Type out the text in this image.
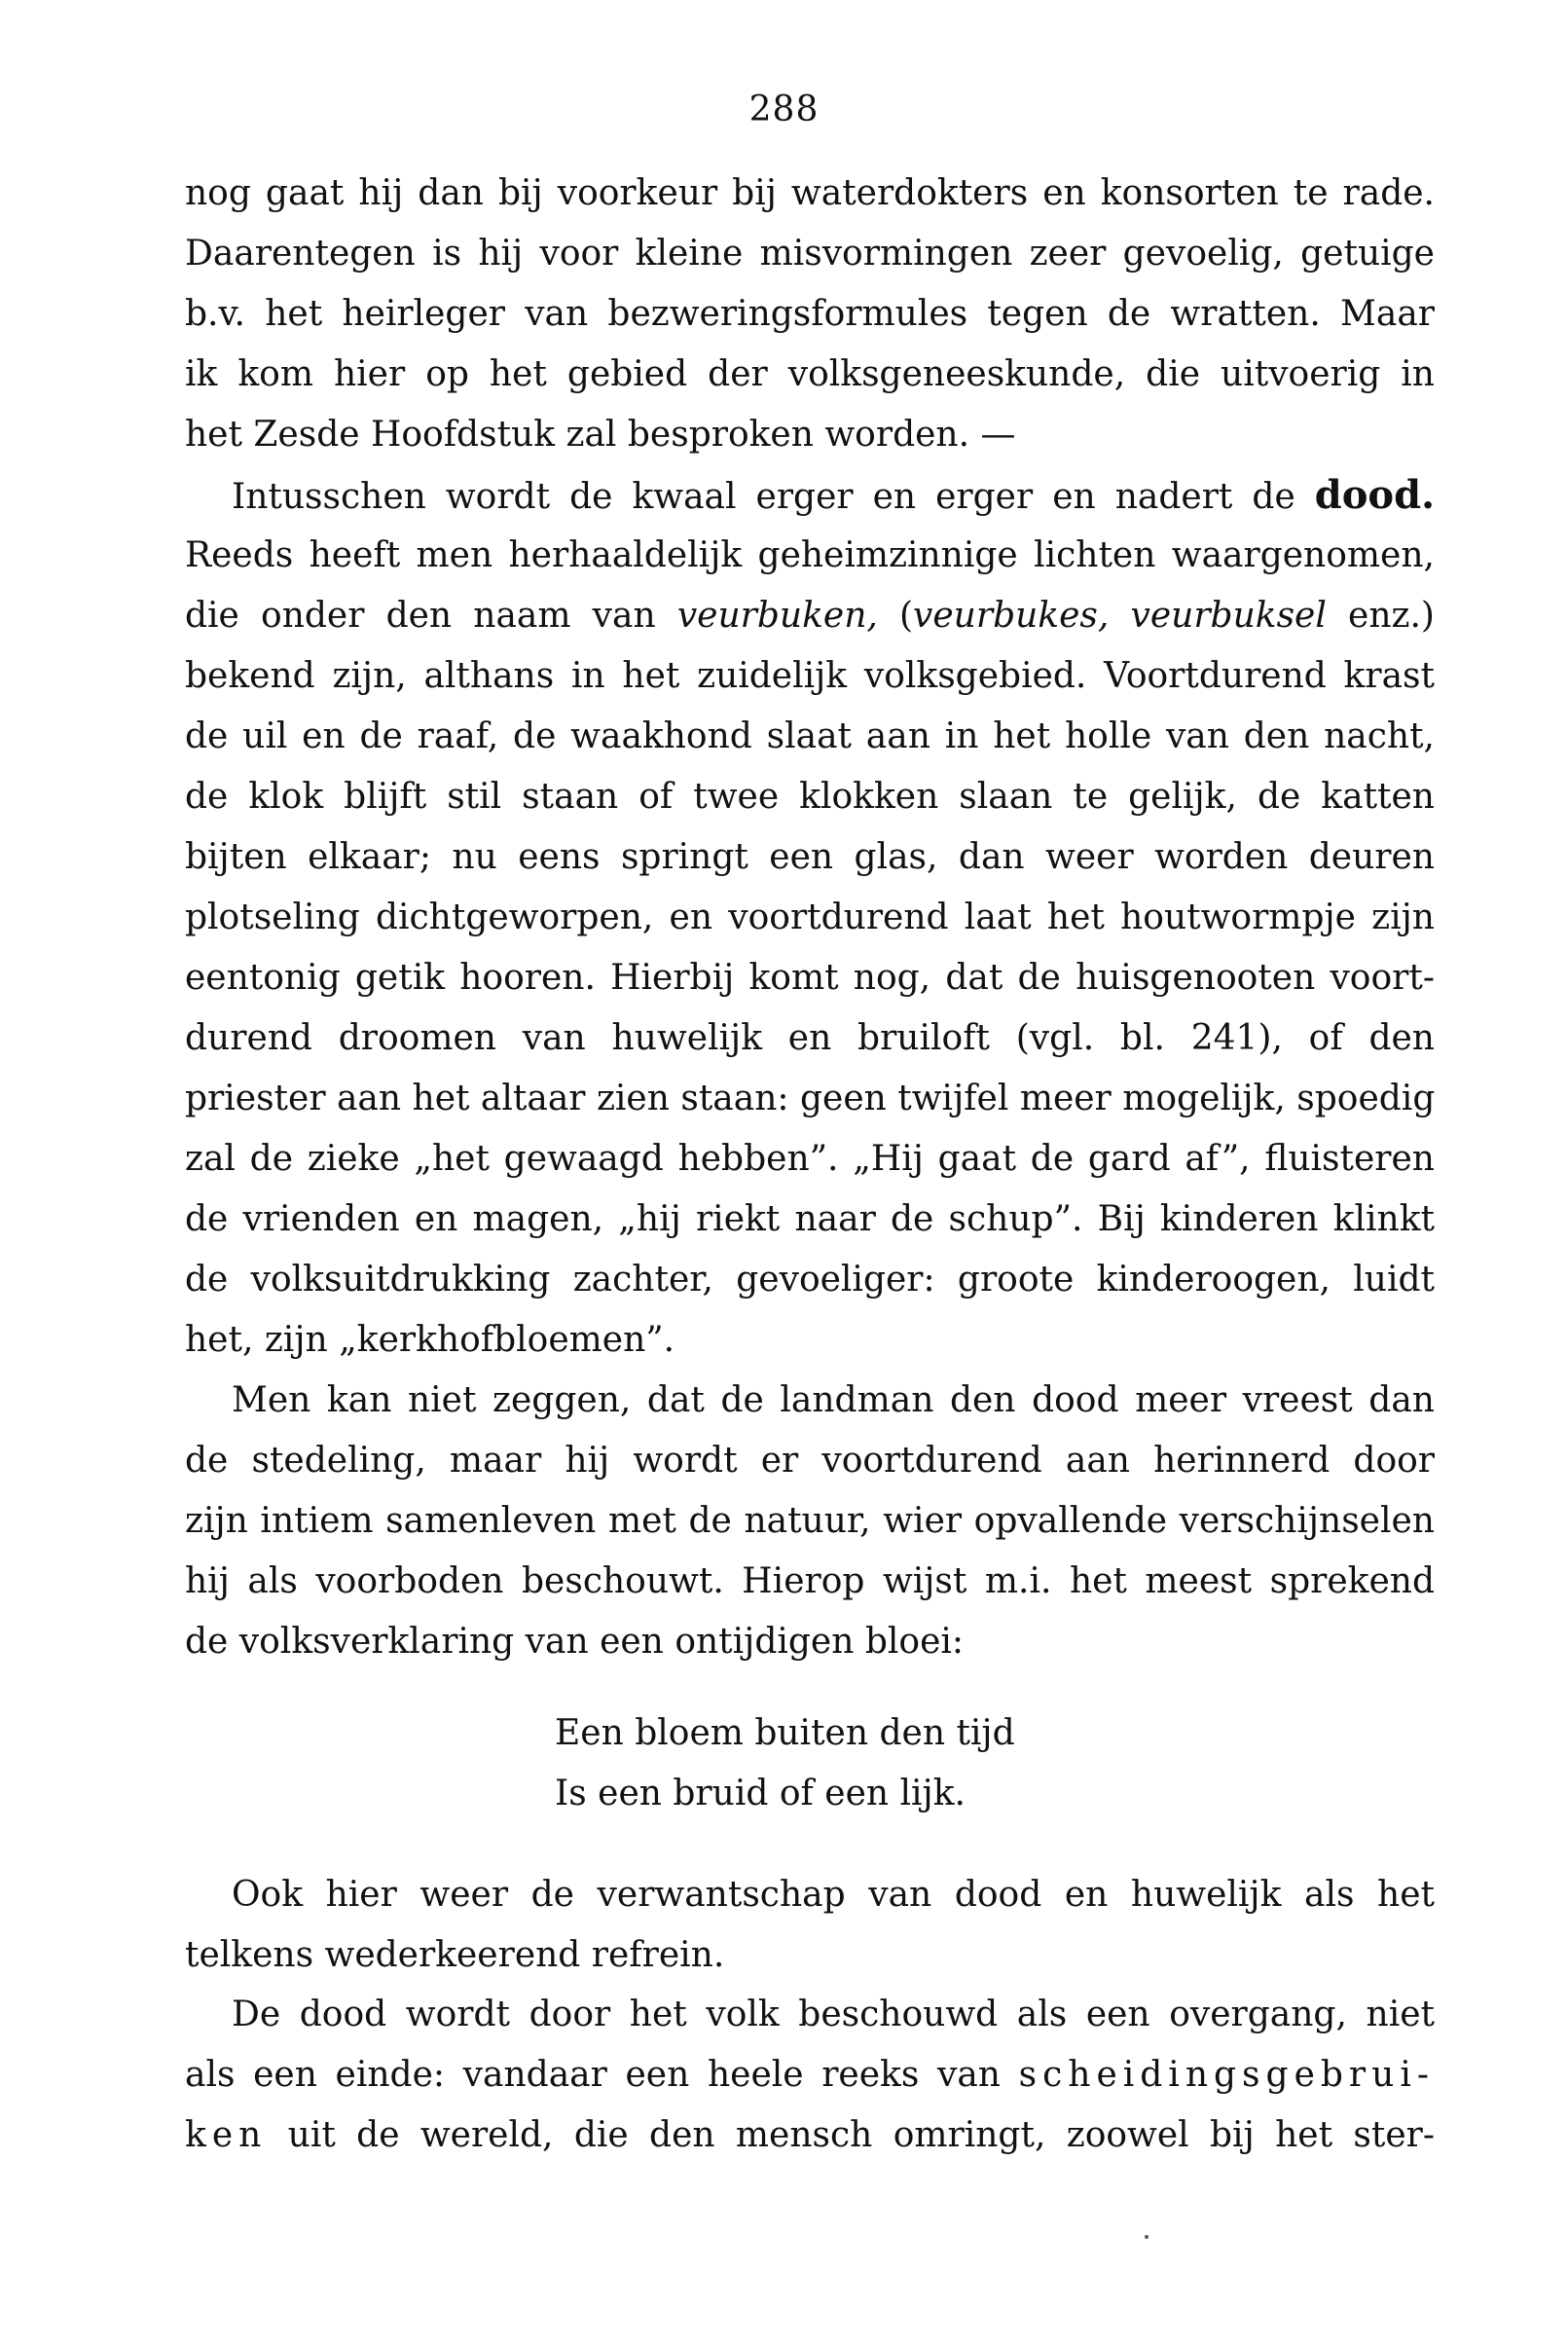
288
nog gaat hij dan bij voorkeur bij waterdokters en konsorten te rade.
Daarentegen is hij voor kleine misvormingen zeer gevoelig, getuige
b.v. het heirleger van bezweringsformules tegen de wratten. Maar
ik kom hier op het gebied der volksgeneeskunde, die uitvoerig in
het Zesde Hoofdstuk zal besproken worden. —
Intusschen wordt de kwaal erger en erger en nadert de dood.
Reeds heeft men herhaaldelijk geheimzinnige lichten waargenomen,
die onder den naam van veurbuken, (veurbukes, veurbuksel enz.)
bekend zijn, althans in het zuidelijk volksgebied. Voortdurend krast
de uil en de raaf, de waakhond slaat aan in het holle van den nacht,
de klok blijft stil staan of twee klokken slaan te gelijk, de katten
bijten elkaar; nu eens springt een glas, dan weer worden deuren
plotseling dichtgeworpen, en voortdurend laat het houtwormpje zijn
eentonig getik hooren. Hierbij komt nog, dat de huisgenooten voort-
durend droomen van huwelijk en bruiloft (vgl. bl. 241), of den
priester aan het altaar zien staan: geen twijfel meer mogelijk, spoedig
zal de zieke „het gewaagd hebben”. „Hij gaat de gard af”, fluisteren
de vrienden en magen, „hij riekt naar de schup”. Bij kinderen klinkt
de volksuitdrukking zachter, gevoeliger: groote kinderoogen, luidt
het, zijn „kerkhofbloemen”.
Men kan niet zeggen, dat de landman den dood meer vreest dan
de stedeling, maar hij wordt er voortdurend aan herinnerd door
zijn intiem samenleven met de natuur, wier opvallende verschijnselen
hij als voorboden beschouwt. Hierop wijst m.i. het meest sprekend
de volksverklaring van een ontijdigen bloei:
Een bloem buiten den tijd
Is een bruid of een lijk.
Ook hier weer de verwantschap van dood en huwelijk als het
telkens wederkeerend refrein.
De dood wordt door het volk beschouwd als een overgang, niet
als een einde: vandaar een heele reeks van scheidingsgebrui-
ken uit de wereld, die den mensch omringt, zoowel bij het ster-
